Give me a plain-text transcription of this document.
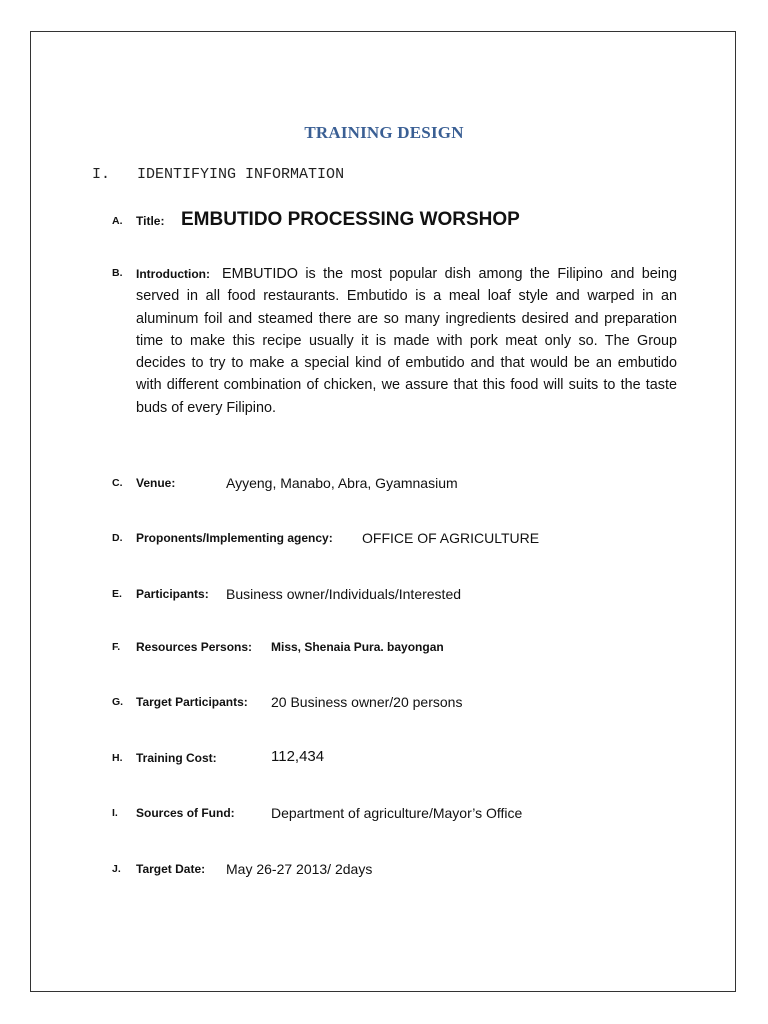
TRAINING DESIGN
I. IDENTIFYING INFORMATION
A. Title: EMBUTIDO PROCESSING WORSHOP
B. Introduction: EMBUTIDO is the most popular dish among the Filipino and being served in all food restaurants. Embutido is a meal loaf style and warped in an aluminum foil and steamed there are so many ingredients desired and preparation time to make this recipe usually it is made with pork meat only so. The Group decides to try to make a special kind of embutido and that would be an embutido with different combination of chicken, we assure that this food will suits to the taste buds of every Filipino.
C. Venue:	Ayyeng, Manabo, Abra, Gyamnasium
D. Proponents/Implementing agency: OFFICE OF AGRICULTURE
E. Participants: Business owner/Individuals/Interested
F. Resources Persons: Miss, Shenaia Pura. bayongan
G. Target Participants: 20 Business owner/20 persons
H. Training Cost:	112,434
I. Sources of Fund:	Department of agriculture/Mayor’s Office
J. Target Date: May 26-27 2013/ 2days
